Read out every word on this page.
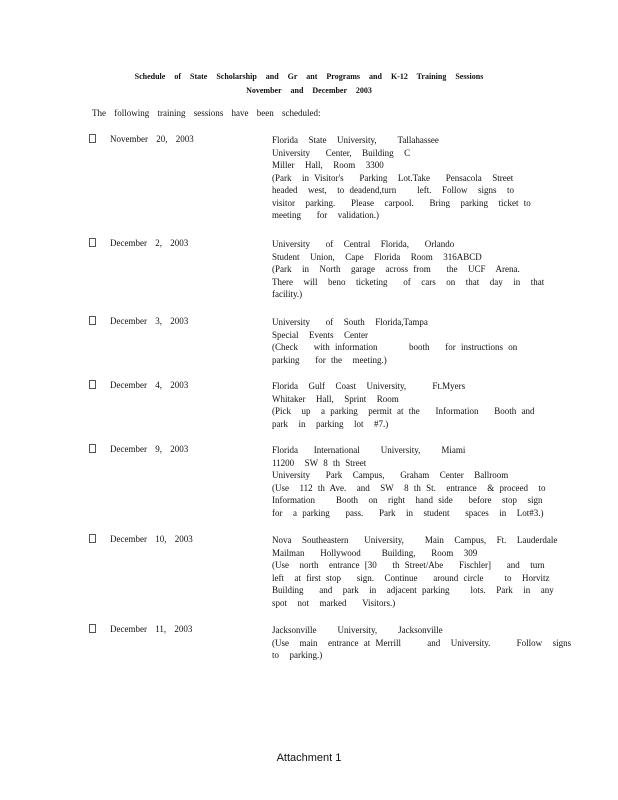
Schedule of State Scholarship and Gr ant Programs and K-12 Training Sessions
November and December 2003
The following training sessions have been scheduled:
November 20, 2003	Florida  State  University,    Tallahassee
University   Center,  Building  C
Miller  Hall,  Room  3300
(Park  in Visitor's   Parking  Lot.Take   Pensacola  Street
headed  west,  to deadend,turn    left.  Follow  signs  to
visitor  parking.   Please  carpool.   Bring  parking  ticket to
meeting   for  validation.)
December 2, 2003	University   of  Central  Florida,   Orlando
Student  Union,  Cape  Florida  Room  316ABCD
(Park  in  North  garage  across from   the  UCF  Arena.
There  will  beno  ticketing   of  cars  on  that  day  in  that
facility.)
December 3, 2003	University   of  South  Florida,Tampa
Special  Events  Center
(Check   with information      booth   for instructions on
parking   for the  meeting.)
December 4, 2003	Florida  Gulf  Coast  University,     Ft.Myers
Whitaker  Hall,  Sprint  Room
(Pick  up  a parking  permit at the   Information   Booth and
park  in  parking  lot  #7.)
December 9, 2003	Florida   International    University,    Miami
11200  SW 8 th Street
University   Park  Campus,   Graham  Center  Ballroom
(Use  112 th Ave.  and  SW  8 th St.  entrance  & proceed  to
Information    Booth  on  right  hand side   before  stop  sign
for  a parking   pass.   Park  in  student   spaces  in  Lot#3.)
December 10, 2003	Nova  Southeastern   University,    Main  Campus,  Ft.  Lauderdale
Mailman   Hollywood    Building,   Room  309
(Use  north  entrance [30   th Street/Abe   Fischler]   and  turn
left  at first stop   sign.  Continue   around circle    to  Horvitz
Building   and  park  in  adjacent parking    lots.  Park  in  any
spot  not  marked   Visitors.)
December 11, 2003	Jacksonville    University,    Jacksonville
(Use  main  entrance at Merrill     and  University.     Follow  signs
to  parking.)
Attachment 1
